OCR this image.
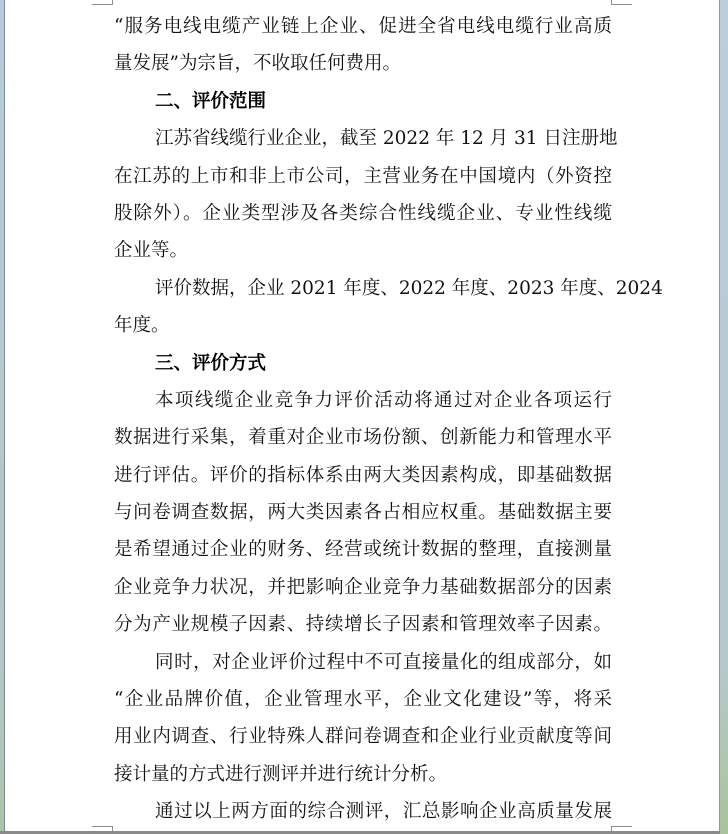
“服务电线电缆产业链上企业、促进全省电线电缆行业高质
量发展”为宗旨，不收取任何费用。
二、评价范围
江苏省线缆行业企业，截至 2022 年 12 月 31 日注册地
在江苏的上市和非上市公司，主营业务在中国境内（外资控
股除外）。企业类型涉及各类综合性线缆企业、专业性线缆
企业等。
评价数据，企业 2021 年度、2022 年度、2023 年度、2024
年度。
三、评价方式
本项线缆企业竞争力评价活动将通过对企业各项运行
数据进行采集，着重对企业市场份额、创新能力和管理水平
进行评估。评价的指标体系由两大类因素构成，即基础数据
与问卷调查数据，两大类因素各占相应权重。基础数据主要
是希望通过企业的财务、经营或统计数据的整理，直接测量
企业竞争力状况，并把影响企业竞争力基础数据部分的因素
分为产业规模子因素、持续增长子因素和管理效率子因素。
同时，对企业评价过程中不可直接量化的组成部分，如
“企业品牌价值，企业管理水平，企业文化建设”等，将采
用业内调查、行业特殊人群问卷调查和企业行业贡献度等间
接计量的方式进行测评并进行统计分析。
通过以上两方面的综合测评，汇总影响企业高质量发展
